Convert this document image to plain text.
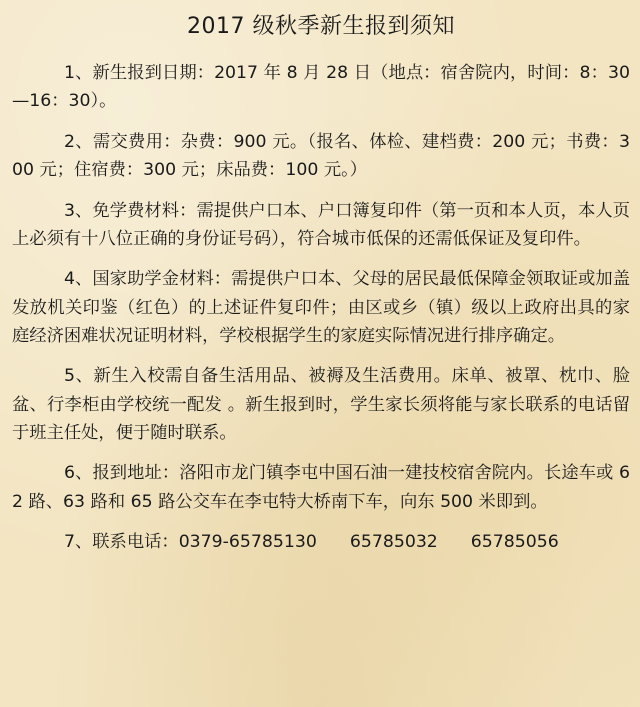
2017 级秋季新生报到须知

1、新生报到日期：2017 年 8 月 28 日（地点：宿舍院内，时间：8：30—16：30）。

2、需交费用：杂费：900 元。（报名、体检、建档费：200 元；书费：300 元；住宿费：300 元；床品费：100 元。）

3、免学费材料：需提供户口本、户口簿复印件（第一页和本人页，本人页上必须有十八位正确的身份证号码），符合城市低保的还需低保证及复印件。

4、国家助学金材料：需提供户口本、父母的居民最低保障金领取证或加盖发放机关印鉴（红色）的上述证件复印件；由区或乡（镇）级以上政府出具的家庭经济困难状况证明材料，学校根据学生的家庭实际情况进行排序确定。

5、新生入校需自备生活用品、被褥及生活费用。床单、被罩、枕巾、脸盆、行李柜由学校统一配发 。新生报到时，学生家长须将能与家长联系的电话留于班主任处，便于随时联系。

6、报到地址：洛阳市龙门镇李屯中国石油一建技校宿舍院内。长途车或 62 路、63 路和 65 路公交车在李屯特大桥南下车，向东 500 米即到。

7、联系电话：0379-65785130 65785032 65785056
